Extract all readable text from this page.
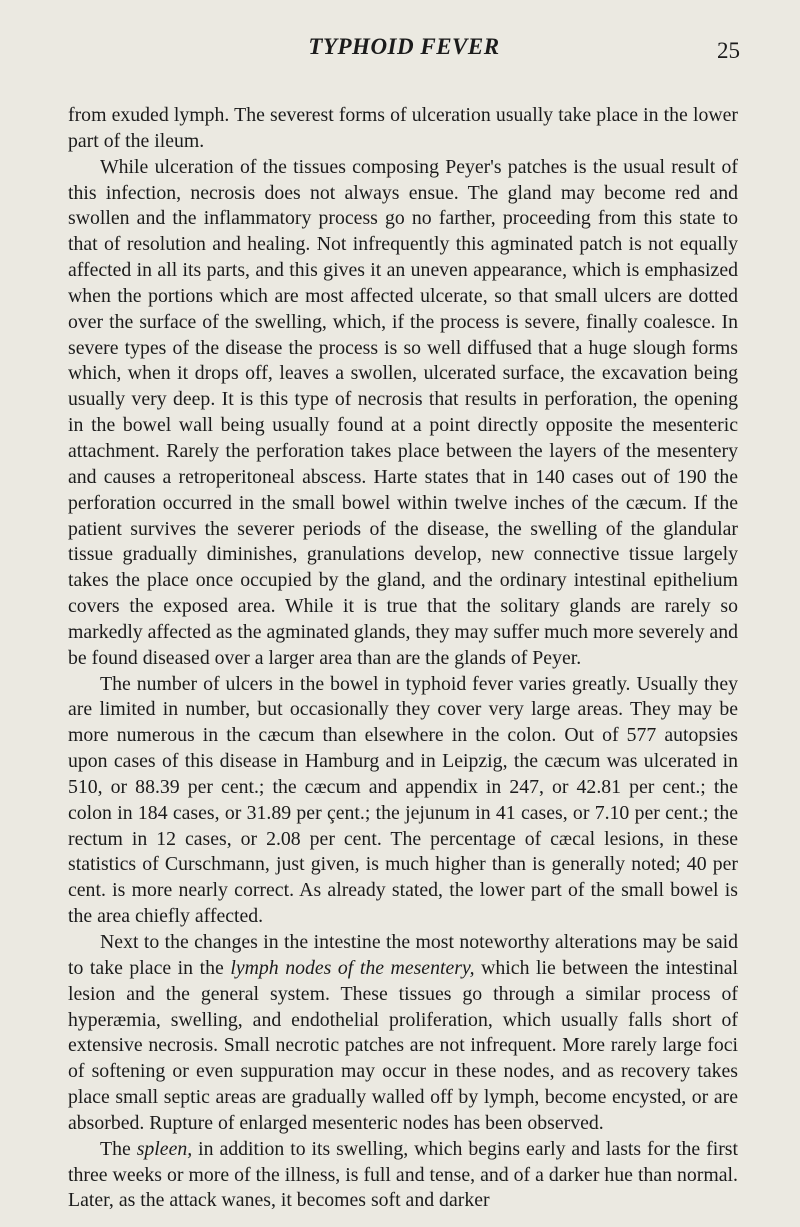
TYPHOID FEVER	25

from exuded lymph. The severest forms of ulceration usually take place in the lower part of the ileum.

While ulceration of the tissues composing Peyer's patches is the usual result of this infection, necrosis does not always ensue. The gland may become red and swollen and the inflammatory process go no farther, proceeding from this state to that of resolution and healing. Not infrequently this agminated patch is not equally affected in all its parts, and this gives it an uneven appearance, which is emphasized when the portions which are most affected ulcerate, so that small ulcers are dotted over the surface of the swelling, which, if the process is severe, finally coalesce. In severe types of the disease the process is so well diffused that a huge slough forms which, when it drops off, leaves a swollen, ulcerated surface, the excavation being usually very deep. It is this type of necrosis that results in perforation, the opening in the bowel wall being usually found at a point directly opposite the mesenteric attachment. Rarely the perforation takes place between the layers of the mesentery and causes a retroperitoneal abscess. Harte states that in 140 cases out of 190 the perforation occurred in the small bowel within twelve inches of the cæcum. If the patient survives the severer periods of the disease, the swelling of the glandular tissue gradually diminishes, granulations develop, new connective tissue largely takes the place once occupied by the gland, and the ordinary intestinal epithelium covers the exposed area. While it is true that the solitary glands are rarely so markedly affected as the agminated glands, they may suffer much more severely and be found diseased over a larger area than are the glands of Peyer.

The number of ulcers in the bowel in typhoid fever varies greatly. Usually they are limited in number, but occasionally they cover very large areas. They may be more numerous in the cæcum than elsewhere in the colon. Out of 577 autopsies upon cases of this disease in Hamburg and in Leipzig, the cæcum was ulcerated in 510, or 88.39 per cent.; the cæcum and appendix in 247, or 42.81 per cent.; the colon in 184 cases, or 31.89 per çent.; the jejunum in 41 cases, or 7.10 per cent.; the rectum in 12 cases, or 2.08 per cent. The percentage of cæcal lesions, in these statistics of Curschmann, just given, is much higher than is generally noted; 40 per cent. is more nearly correct. As already stated, the lower part of the small bowel is the area chiefly affected.

Next to the changes in the intestine the most noteworthy alterations may be said to take place in the lymph nodes of the mesentery, which lie between the intestinal lesion and the general system. These tissues go through a similar process of hyperæmia, swelling, and endothelial proliferation, which usually falls short of extensive necrosis. Small necrotic patches are not infrequent. More rarely large foci of softening or even suppuration may occur in these nodes, and as recovery takes place small septic areas are gradually walled off by lymph, become encysted, or are absorbed. Rupture of enlarged mesenteric nodes has been observed.

The spleen, in addition to its swelling, which begins early and lasts for the first three weeks or more of the illness, is full and tense, and of a darker hue than normal. Later, as the attack wanes, it becomes soft and darker
